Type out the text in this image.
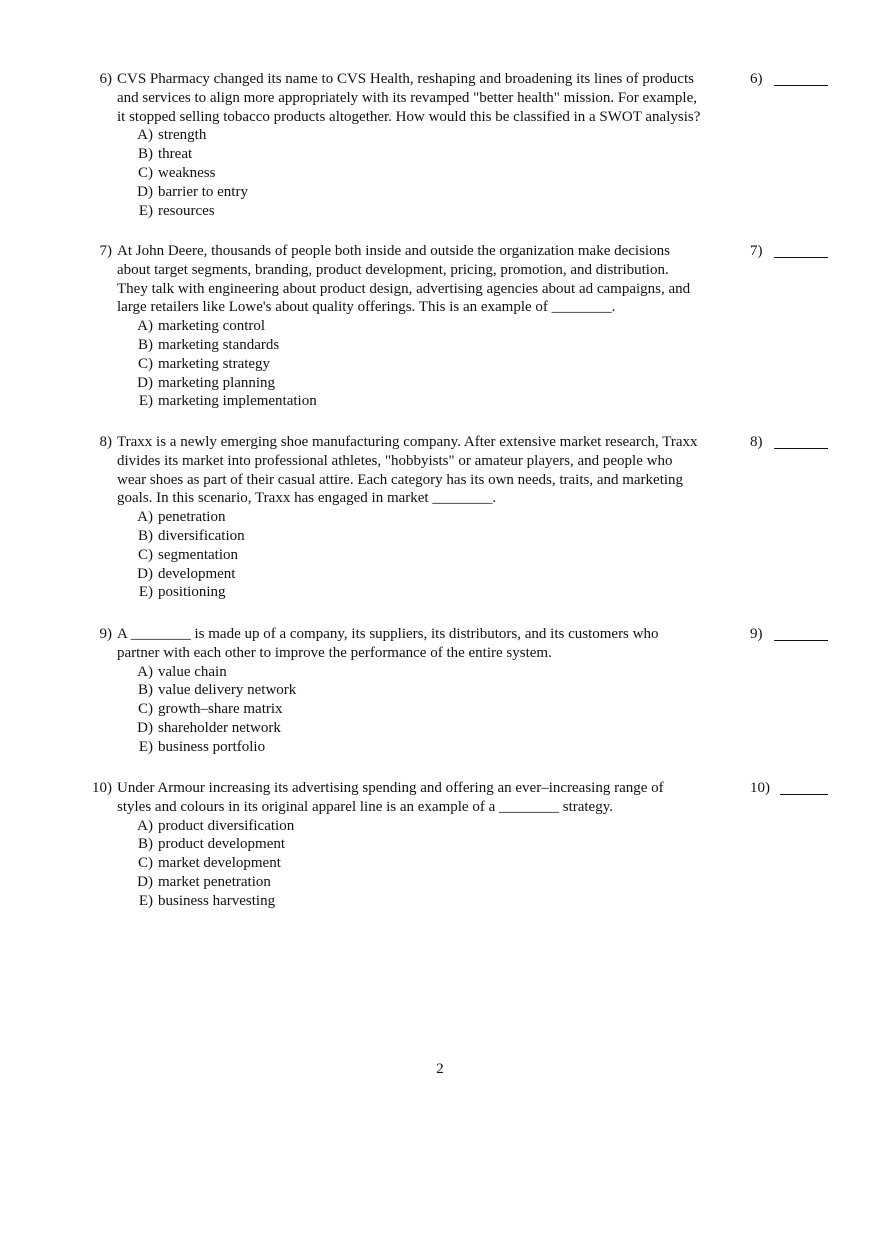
6) CVS Pharmacy changed its name to CVS Health, reshaping and broadening its lines of products
and services to align more appropriately with its revamped "better health" mission. For example,
it stopped selling tobacco products altogether. How would this be classified in a SWOT analysis?
A) strength
B) threat
C) weakness
D) barrier to entry
E) resources
6)
7) At John Deere, thousands of people both inside and outside the organization make decisions
about target segments, branding, product development, pricing, promotion, and distribution.
They talk with engineering about product design, advertising agencies about ad campaigns, and
large retailers like Lowe's about quality offerings. This is an example of ________.
A) marketing control
B) marketing standards
C) marketing strategy
D) marketing planning
E) marketing implementation
7)
8) Traxx is a newly emerging shoe manufacturing company. After extensive market research, Traxx
divides its market into professional athletes, "hobbyists" or amateur players, and people who
wear shoes as part of their casual attire. Each category has its own needs, traits, and marketing
goals. In this scenario, Traxx has engaged in market ________.
A) penetration
B) diversification
C) segmentation
D) development
E) positioning
8)
9) A ________ is made up of a company, its suppliers, its distributors, and its customers who
partner with each other to improve the performance of the entire system.
A) value chain
B) value delivery network
C) growth–share matrix
D) shareholder network
E) business portfolio
9)
10) Under Armour increasing its advertising spending and offering an ever–increasing range of
styles and colours in its original apparel line is an example of a ________ strategy.
A) product diversification
B) product development
C) market development
D) market penetration
E) business harvesting
10)
2
